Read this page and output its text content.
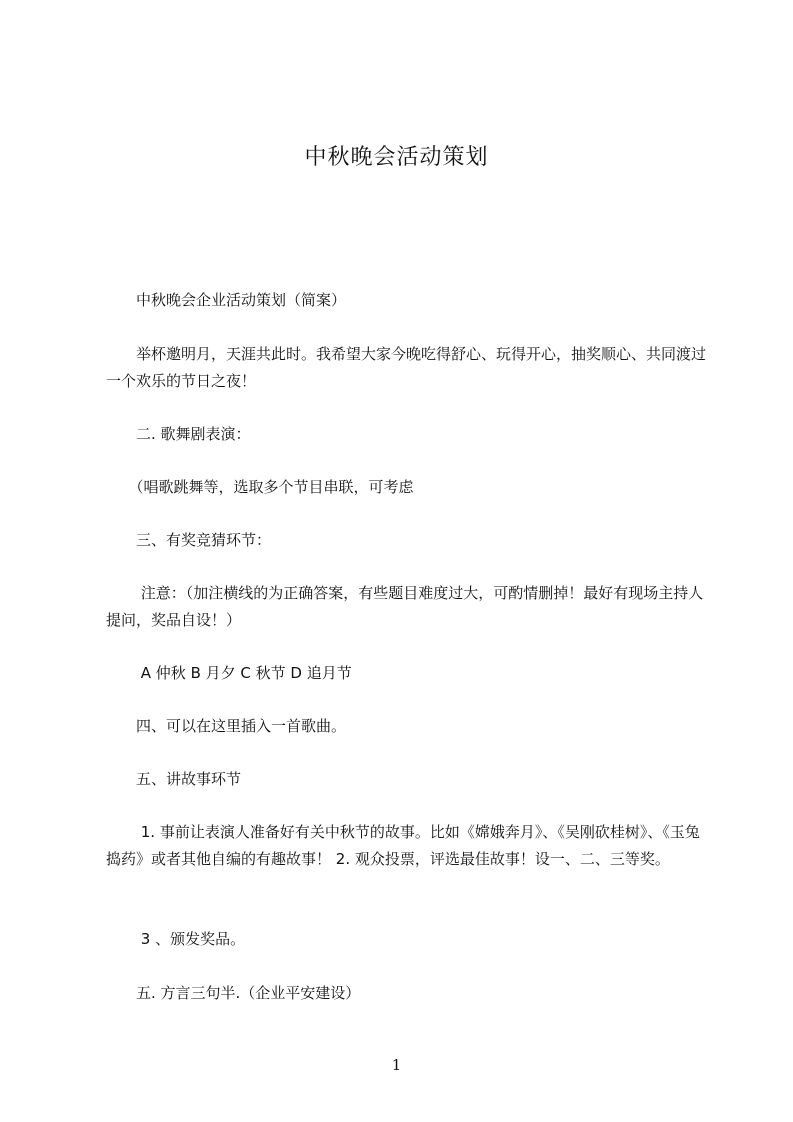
中秋晚会活动策划

　　中秋晚会企业活动策划（简案）

　　举杯邀明月，天涯共此时。我希望大家今晚吃得舒心、玩得开心，抽奖顺心、共同渡过一个欢乐的节日之夜！

　　二. 歌舞剧表演：

　　（唱歌跳舞等，选取多个节目串联，可考虑

　　三、有奖竞猜环节：

　　 注意：（加注横线的为正确答案，有些题目难度过大，可酌情删掉！最好有现场主持人提问，奖品自设！）

　　 A 仲秋 B 月夕 C 秋节 D 追月节

　　四、可以在这里插入一首歌曲。

　　五、讲故事环节

　　 1. 事前让表演人准备好有关中秋节的故事。比如《嫦娥奔月》、《吴刚砍桂树》、《玉兔捣药》或者其他自编的有趣故事！ 2. 观众投票，评选最佳故事！设一、二、三等奖。

　　 3 、颁发奖品。

　　五. 方言三句半.（企业平安建设）

1
